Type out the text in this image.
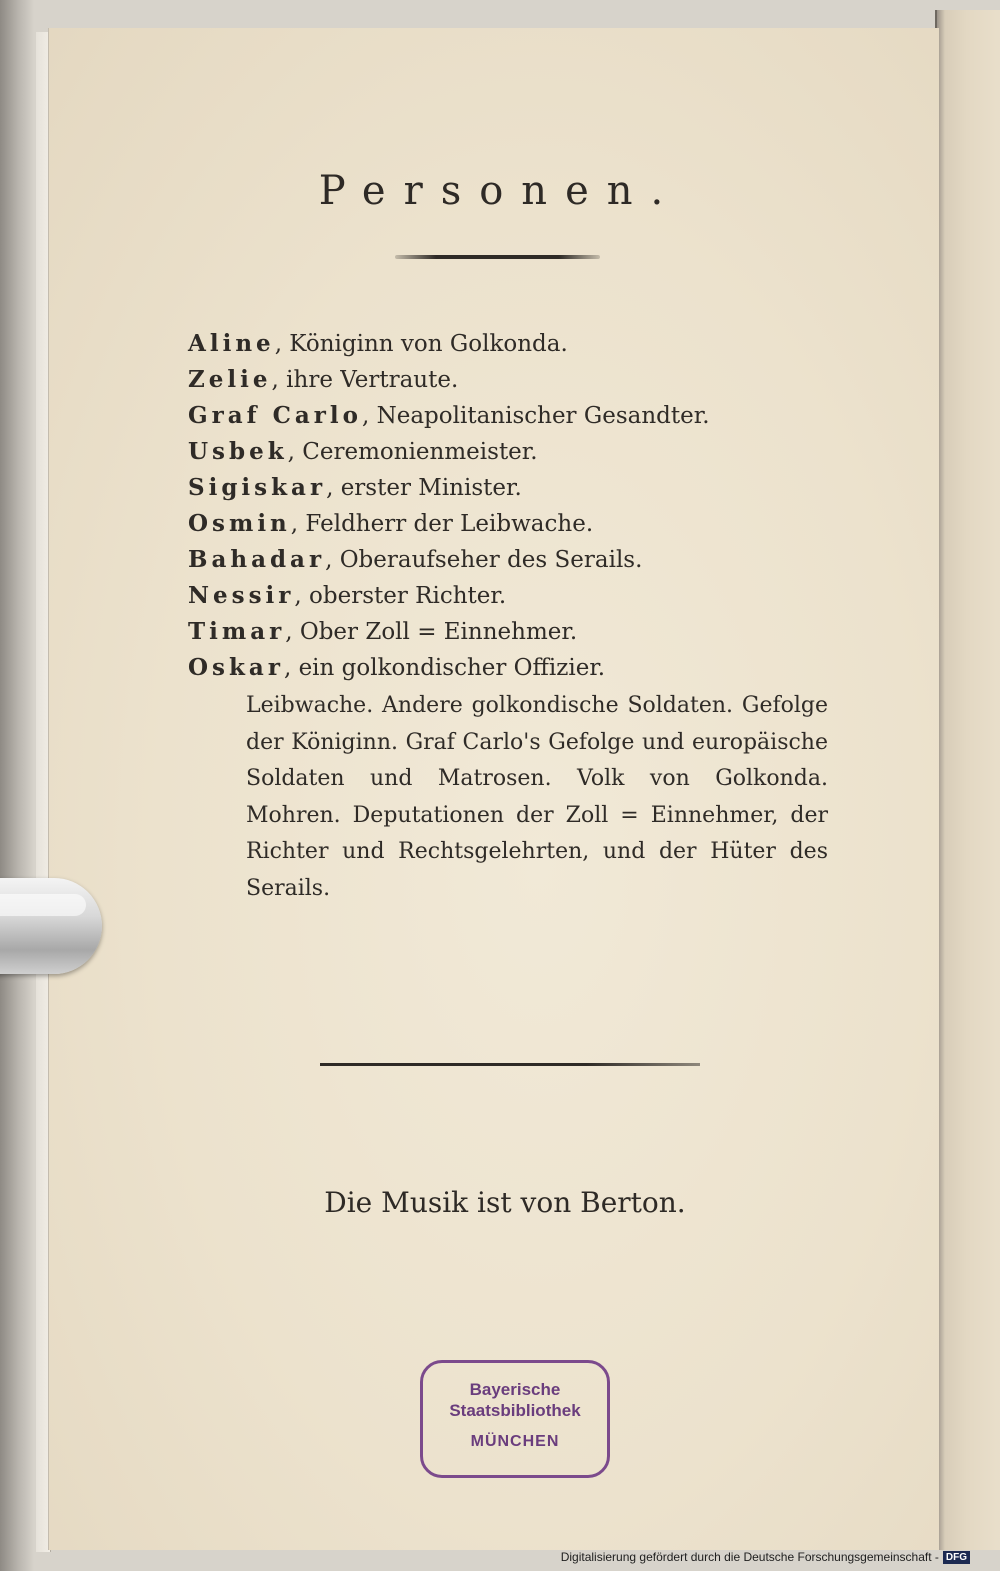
Personen.
Aline, Königinn von Golkonda.
Zelie, ihre Vertraute.
Graf Carlo, Neapolitanischer Gesandter.
Usbek, Ceremonienmeister.
Sigiskar, erster Minister.
Osmin, Feldherr der Leibwache.
Bahadar, Oberaufseher des Serails.
Nessir, oberster Richter.
Timar, Ober Zoll = Einnehmer.
Oskar, ein golkondischer Offizier.
Leibwache. Andere golkondische Soldaten. Gefolge der Königinn. Graf Carlo's Gefolge und europäische Soldaten und Matrosen. Volk von Golkonda. Mohren. Deputationen der Zoll = Einnehmer, der Richter und Rechtsgelehrten, und der Hüter des Serails.
Die Musik ist von Berton.
Bayerische
Staatsbibliothek
MÜNCHEN
Digitalisierung gefördert durch die Deutsche Forschungsgemeinschaft - DFG
